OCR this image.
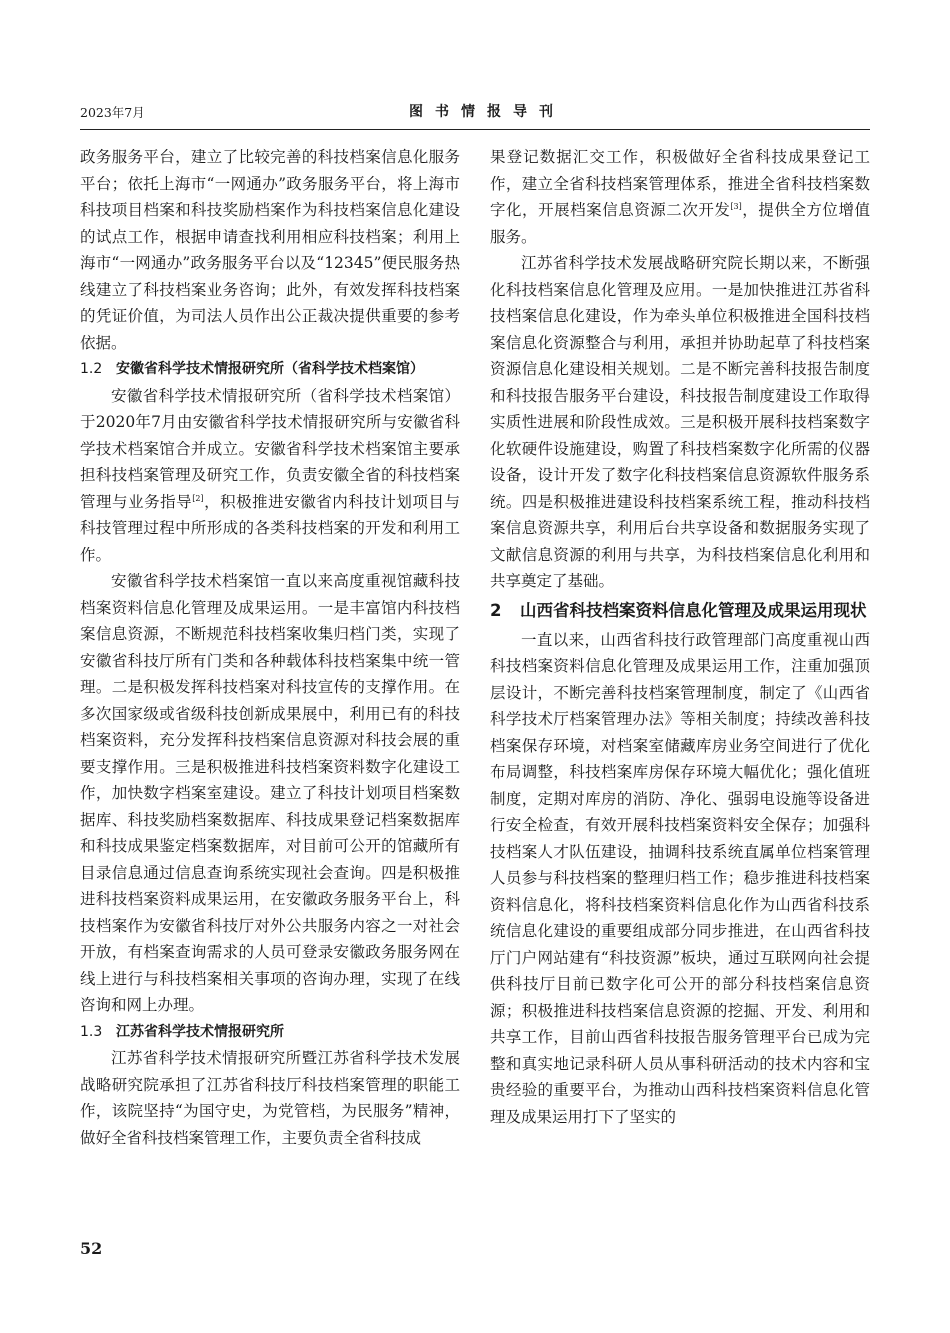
2023年7月	图书情报导刊

政务服务平台，建立了比较完善的科技档案信息化服务平台；依托上海市“一网通办”政务服务平台，将上海市科技项目档案和科技奖励档案作为科技档案信息化建设的试点工作，根据申请查找利用相应科技档案；利用上海市“一网通办”政务服务平台以及“12345”便民服务热线建立了科技档案业务咨询；此外，有效发挥科技档案的凭证价值，为司法人员作出公正裁决提供重要的参考依据。

1.2 安徽省科学技术情报研究所（省科学技术档案馆）

安徽省科学技术情报研究所（省科学技术档案馆）于2020年7月由安徽省科学技术情报研究所与安徽省科学技术档案馆合并成立。安徽省科学技术档案馆主要承担科技档案管理及研究工作，负责安徽全省的科技档案管理与业务指导[2]，积极推进安徽省内科技计划项目与科技管理过程中所形成的各类科技档案的开发和利用工作。

安徽省科学技术档案馆一直以来高度重视馆藏科技档案资料信息化管理及成果运用。一是丰富馆内科技档案信息资源，不断规范科技档案收集归档门类，实现了安徽省科技厅所有门类和各种载体科技档案集中统一管理。二是积极发挥科技档案对科技宣传的支撑作用。在多次国家级或省级科技创新成果展中，利用已有的科技档案资料，充分发挥科技档案信息资源对科技会展的重要支撑作用。三是积极推进科技档案资料数字化建设工作，加快数字档案室建设。建立了科技计划项目档案数据库、科技奖励档案数据库、科技成果登记档案数据库和科技成果鉴定档案数据库，对目前可公开的馆藏所有目录信息通过信息查询系统实现社会查询。四是积极推进科技档案资料成果运用，在安徽政务服务平台上，科技档案作为安徽省科技厅对外公共服务内容之一对社会开放，有档案查询需求的人员可登录安徽政务服务网在线上进行与科技档案相关事项的咨询办理，实现了在线咨询和网上办理。

1.3 江苏省科学技术情报研究所

江苏省科学技术情报研究所暨江苏省科学技术发展战略研究院承担了江苏省科技厅科技档案管理的职能工作，该院坚持“为国守史，为党管档，为民服务”精神，做好全省科技档案管理工作，主要负责全省科技成

果登记数据汇交工作，积极做好全省科技成果登记工作，建立全省科技档案管理体系，推进全省科技档案数字化，开展档案信息资源二次开发[3]，提供全方位增值服务。

江苏省科学技术发展战略研究院长期以来，不断强化科技档案信息化管理及应用。一是加快推进江苏省科技档案信息化建设，作为牵头单位积极推进全国科技档案信息化资源整合与利用，承担并协助起草了科技档案资源信息化建设相关规划。二是不断完善科技报告制度和科技报告服务平台建设，科技报告制度建设工作取得实质性进展和阶段性成效。三是积极开展科技档案数字化软硬件设施建设，购置了科技档案数字化所需的仪器设备，设计开发了数字化科技档案信息资源软件服务系统。四是积极推进建设科技档案系统工程，推动科技档案信息资源共享，利用后台共享设备和数据服务实现了文献信息资源的利用与共享，为科技档案信息化利用和共享奠定了基础。

2 山西省科技档案资料信息化管理及成果运用现状

一直以来，山西省科技行政管理部门高度重视山西科技档案资料信息化管理及成果运用工作，注重加强顶层设计，不断完善科技档案管理制度，制定了《山西省科学技术厅档案管理办法》等相关制度；持续改善科技档案保存环境，对档案室储藏库房业务空间进行了优化布局调整，科技档案库房保存环境大幅优化；强化值班制度，定期对库房的消防、净化、强弱电设施等设备进行安全检查，有效开展科技档案资料安全保存；加强科技档案人才队伍建设，抽调科技系统直属单位档案管理人员参与科技档案的整理归档工作；稳步推进科技档案资料信息化，将科技档案资料信息化作为山西省科技系统信息化建设的重要组成部分同步推进，在山西省科技厅门户网站建有“科技资源”板块，通过互联网向社会提供科技厅目前已数字化可公开的部分科技档案信息资源；积极推进科技档案信息资源的挖掘、开发、利用和共享工作，目前山西省科技报告服务管理平台已成为完整和真实地记录科研人员从事科研活动的技术内容和宝贵经验的重要平台，为推动山西科技档案资料信息化管理及成果运用打下了坚实的

52
